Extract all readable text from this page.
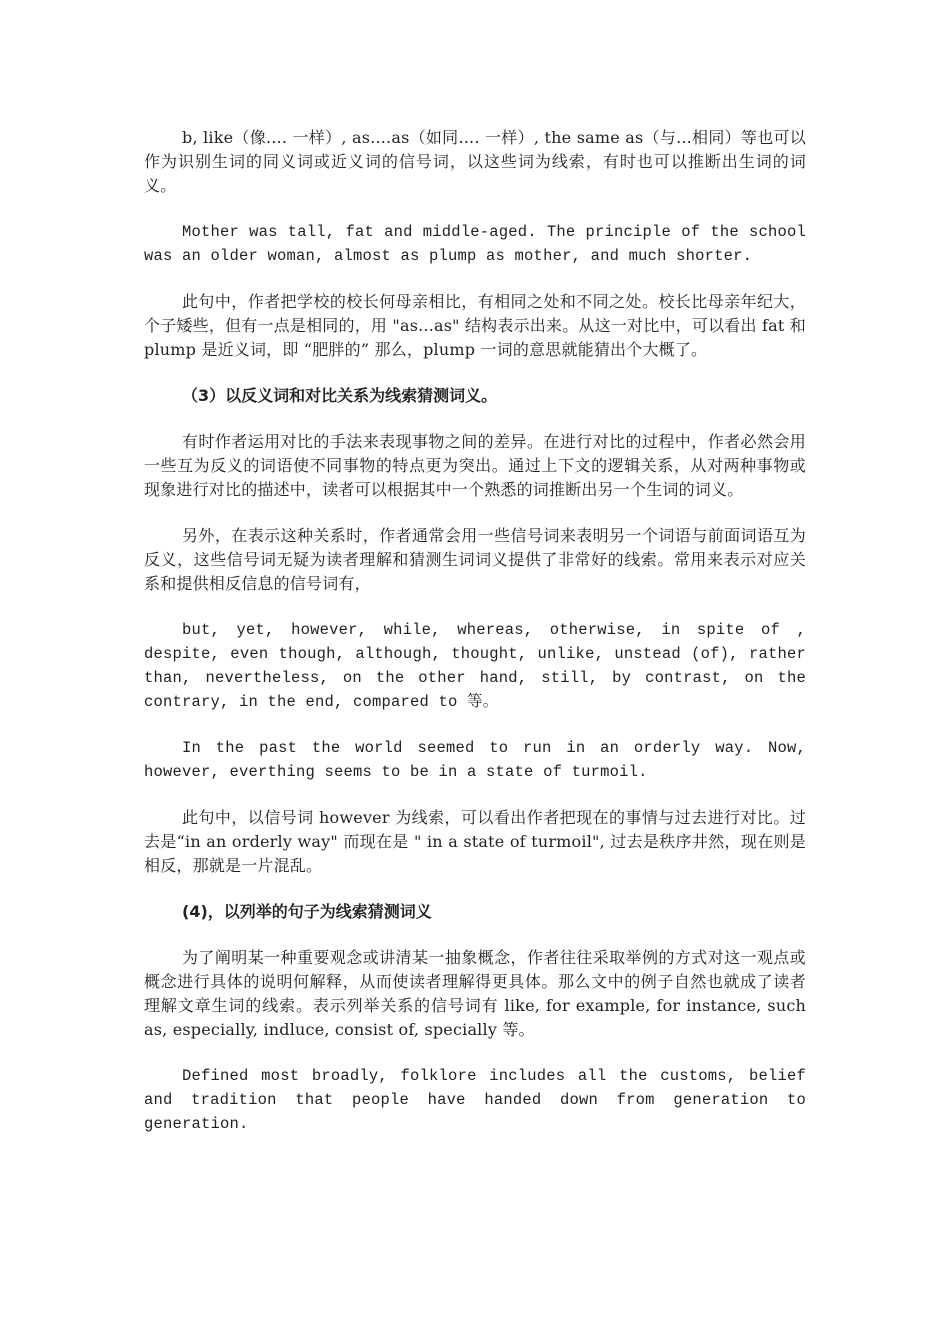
b, like（像.... 一样）, as....as（如同.... 一样）, the same as（与...相同）等也可以作为识别生词的同义词或近义词的信号词，以这些词为线索，有时也可以推断出生词的词义。

Mother was tall, fat and middle-aged. The principle of the school was an older woman, almost as plump as mother, and much shorter.

此句中，作者把学校的校长何母亲相比，有相同之处和不同之处。校长比母亲年纪大，个子矮些，但有一点是相同的，用 "as...as" 结构表示出来。从这一对比中，可以看出 fat 和 plump 是近义词，即 “肥胖的” 那么，plump 一词的意思就能猜出个大概了。

（3）以反义词和对比关系为线索猜测词义。

有时作者运用对比的手法来表现事物之间的差异。在进行对比的过程中，作者必然会用一些互为反义的词语使不同事物的特点更为突出。通过上下文的逻辑关系，从对两种事物或现象进行对比的描述中，读者可以根据其中一个熟悉的词推断出另一个生词的词义。

另外，在表示这种关系时，作者通常会用一些信号词来表明另一个词语与前面词语互为反义，这些信号词无疑为读者理解和猜测生词词义提供了非常好的线索。常用来表示对应关系和提供相反信息的信号词有，

but, yet, however, while, whereas, otherwise, in spite of , despite, even though, although, thought, unlike, unstead (of), rather than, nevertheless, on the other hand, still, by contrast, on the contrary, in the end, compared to 等。

In the past the world seemed to run in an orderly way. Now, however, everthing seems to be in a state of turmoil.

此句中，以信号词 however 为线索，可以看出作者把现在的事情与过去进行对比。过去是“in an orderly way" 而现在是 " in a state of turmoil", 过去是秩序井然，现在则是相反，那就是一片混乱。

(4)，以列举的句子为线索猜测词义

为了阐明某一种重要观念或讲清某一抽象概念，作者往往采取举例的方式对这一观点或概念进行具体的说明何解释，从而使读者理解得更具体。那么文中的例子自然也就成了读者理解文章生词的线索。表示列举关系的信号词有 like, for example, for instance, such as, especially, indluce, consist of, specially 等。

Defined most broadly, folklore includes all the customs, belief and tradition that people have handed down from generation to generation.
